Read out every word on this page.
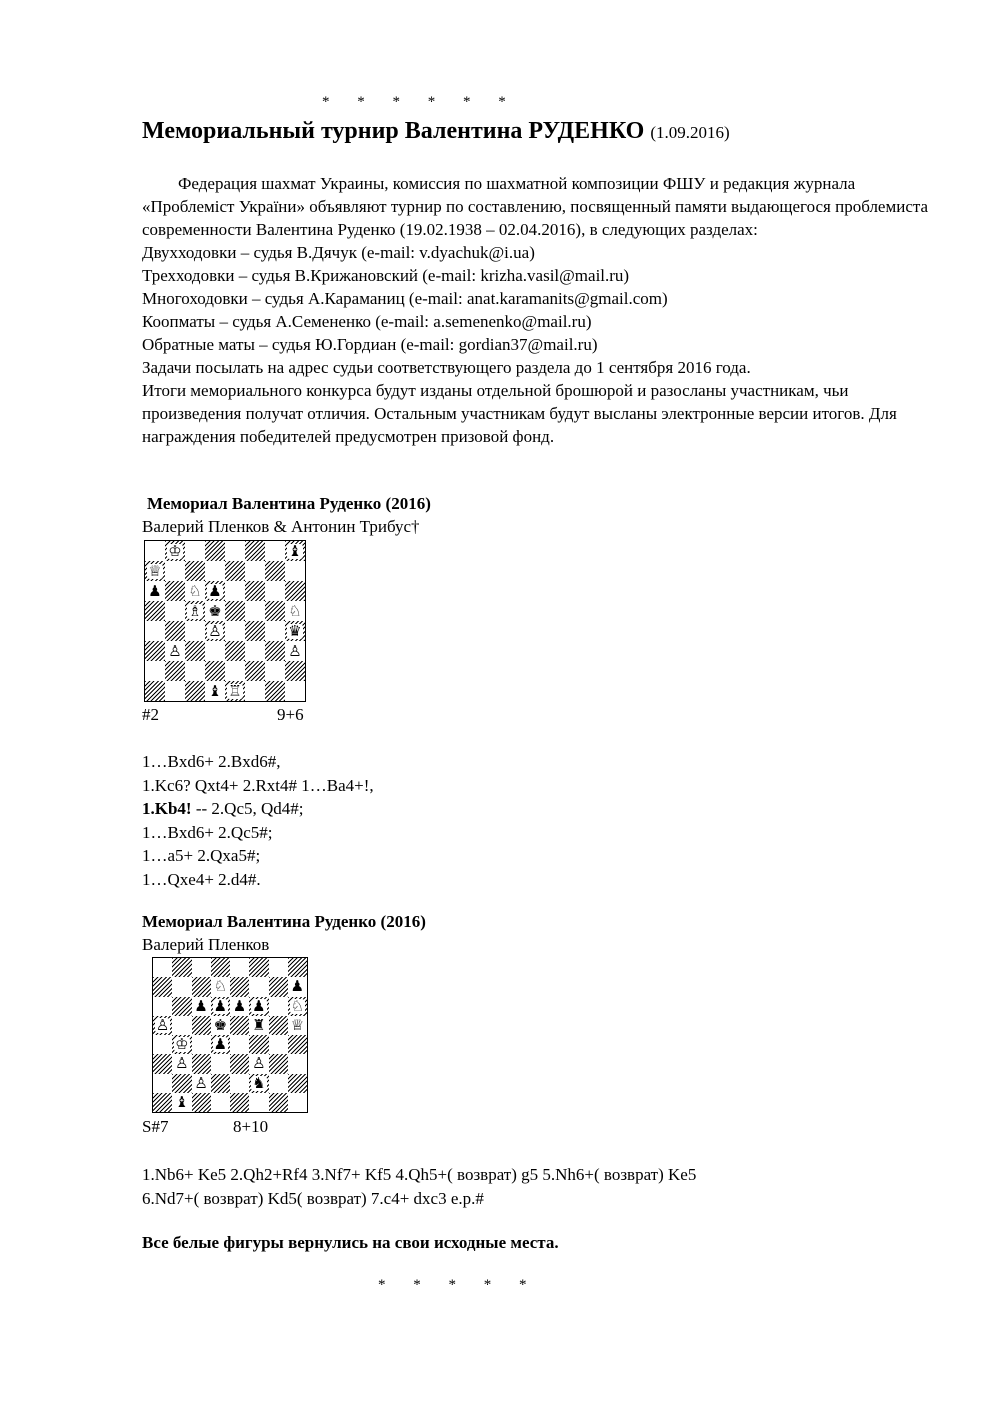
* * * * * *
Мемориальный турнир Валентина РУДЕНКО (1.09.2016)

Федерация шахмат Украины, комиссия по шахматной композиции ФШУ и редакция журнала «Проблеміст України» объявляют турнир по составлению, посвященный памяти выдающегося проблемиста современности Валентина Руденко (19.02.1938 – 02.04.2016), в следующих разделах:

Двухходовки – судья В.Дячук (e-mail: v.dyachuk@i.ua)

Трехходовки – судья В.Крижановский (e-mail: krizha.vasil@mail.ru)

Многоходовки – судья А.Караманиц (e-mail: anat.karamanits@gmail.com)

Коопматы – судья А.Семененко (e-mail: a.semenenko@mail.ru)

Обратные маты – судья Ю.Гордиан (e-mail: gordian37@mail.ru)

Задачи посылать на адрес судьи соответствующего раздела до 1 сентября 2016 года.

Итоги мемориального конкурса будут изданы отдельной брошюрой и разосланы участникам, чьи произведения получат отличия. Остальным участникам будут высланы электронные версии итогов. Для награждения победителей предусмотрен призовой фонд.

Мемориал Валентина Руденко (2016)
Валерий Пленков & Антонин Трибус†
♔	♝
♕
♟ ♘ ♟
♗ ♚	♘
♙	♛
♙	♙
♝ ♖
#2	9+6
1…Bxd6+ 2.Bxd6#,
1.Kc6? Qxt4+ 2.Rxt4# 1…Ba4+!,
1.Kb4! -- 2.Qc5, Qd4#;
1…Bxd6+ 2.Qc5#;
1…a5+ 2.Qxa5#;
1…Qxe4+ 2.d4#.
Мемориал Валентина Руденко (2016)
Валерий Пленков
♘	♟
♟ ♟ ♟ ♟ ♘
♙	♚ ♜ ♕
♔ ♟
♙	♙
♙	♞
♝
S#7	8+10
1.Nb6+ Ke5 2.Qh2+Rf4 3.Nf7+ Kf5 4.Qh5+( возврат) g5 5.Nh6+( возврат) Ke5
6.Nd7+( возврат) Kd5( возврат) 7.c4+ dxc3 e.p.#
Все белые фигуры вернулись на свои исходные места.
* * * * *
